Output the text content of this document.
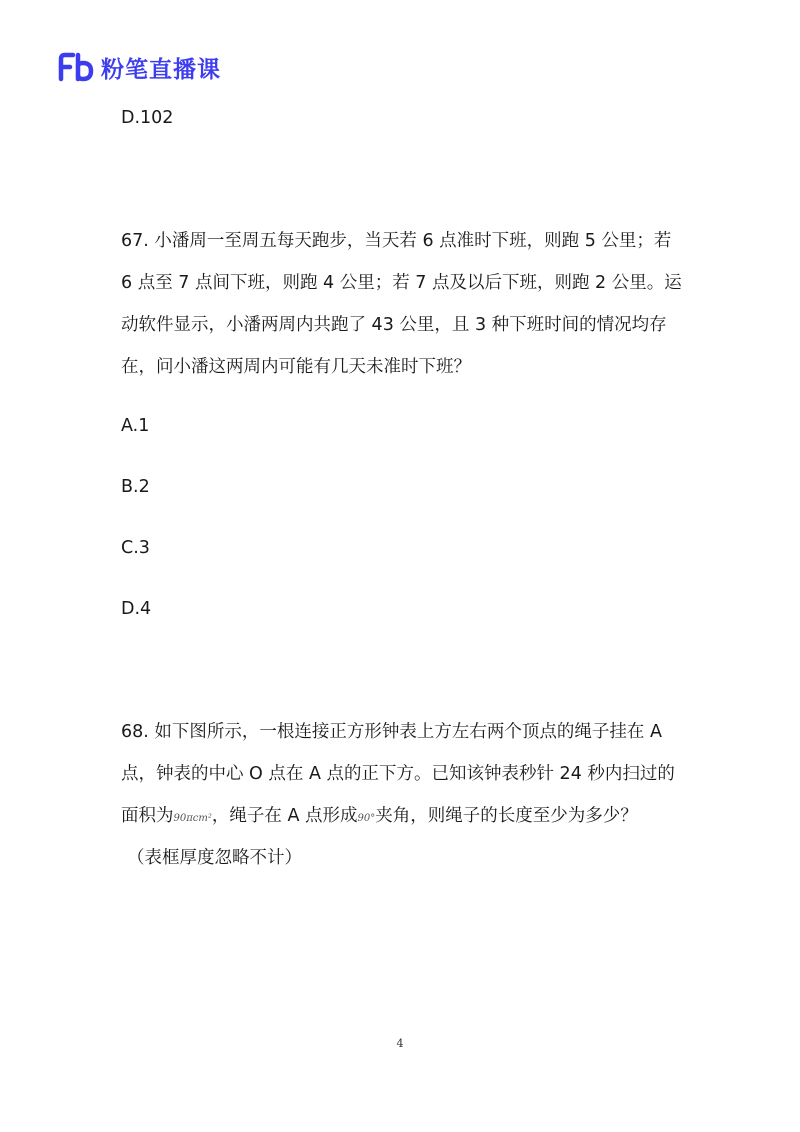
粉笔直播课
D.102
67. 小潘周一至周五每天跑步，当天若 6 点准时下班，则跑 5 公里；若
6 点至 7 点间下班，则跑 4 公里；若 7 点及以后下班，则跑 2 公里。运
动软件显示，小潘两周内共跑了 43 公里，且 3 种下班时间的情况均存
在，问小潘这两周内可能有几天未准时下班？
A.1
B.2
C.3
D.4
68. 如下图所示，一根连接正方形钟表上方左右两个顶点的绳子挂在 A
点，钟表的中心 O 点在 A 点的正下方。已知该钟表秒针 24 秒内扫过的
面积为90πcm²，绳子在 A 点形成90°夹角，则绳子的长度至少为多少？
（表框厚度忽略不计）
4
